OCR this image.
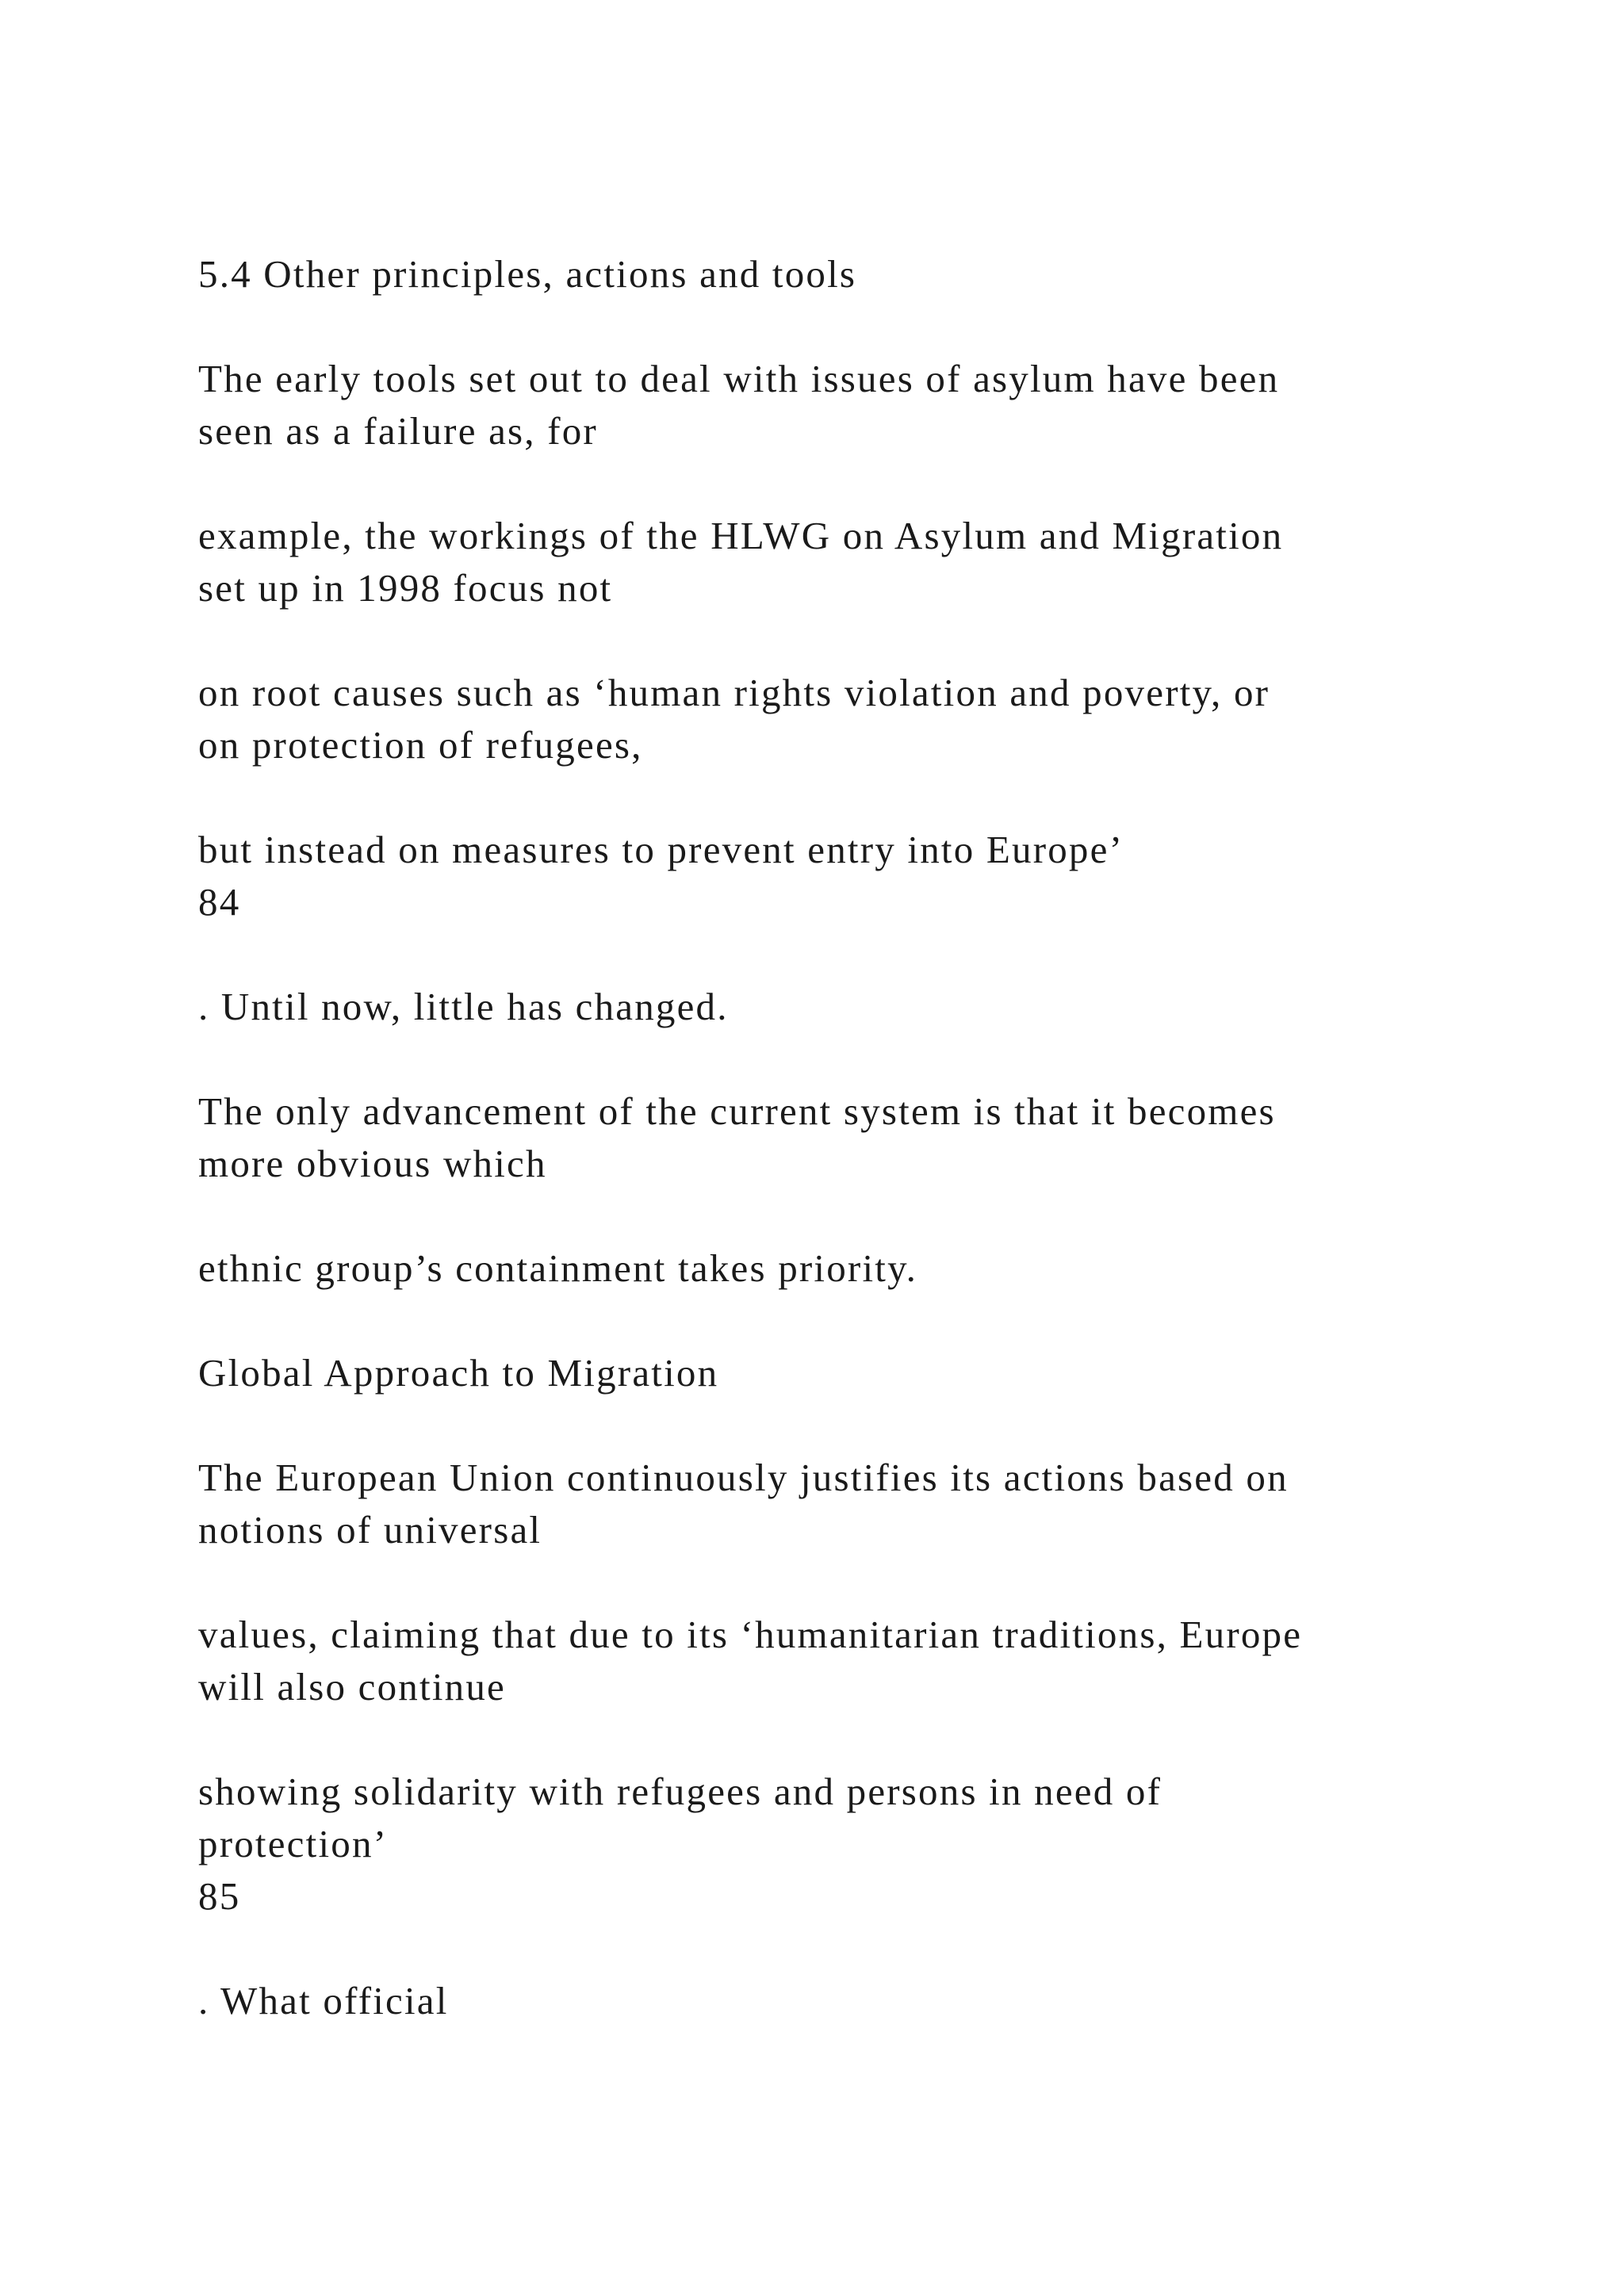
5.4 Other principles, actions and tools

The early tools set out to deal with issues of asylum have been

seen as a failure as, for

example, the workings of the HLWG on Asylum and Migration

set up in 1998 focus not

on root causes such as ‘human rights violation and poverty, or

on protection of refugees,

but instead on measures to prevent entry into Europe’

84

. Until now, little has changed.

The only advancement of the current system is that it becomes

more obvious which

ethnic group’s containment takes priority.

Global Approach to Migration

The European Union continuously justifies its actions based on

notions of universal

values, claiming that due to its ‘humanitarian traditions, Europe

will also continue

showing solidarity with refugees and persons in need of

protection’

85

. What official
